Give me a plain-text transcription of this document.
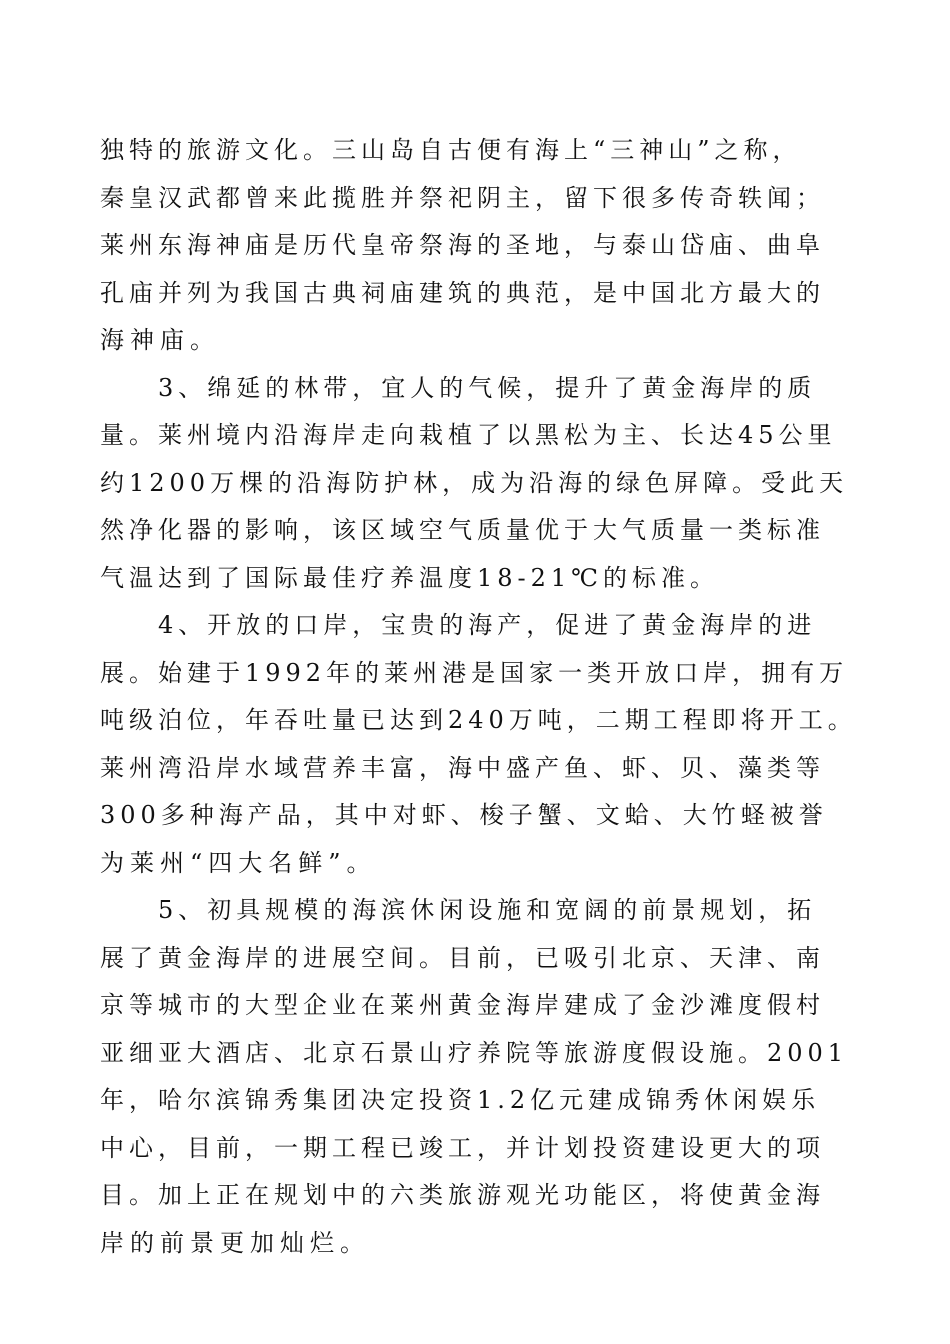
独特的旅游文化。三山岛自古便有海上“三神山”之称，
秦皇汉武都曾来此揽胜并祭祀阴主，留下很多传奇轶闻；
莱州东海神庙是历代皇帝祭海的圣地，与泰山岱庙、曲阜
孔庙并列为我国古典祠庙建筑的典范，是中国北方最大的
海神庙。
3、绵延的林带，宜人的气候，提升了黄金海岸的质
量。莱州境内沿海岸走向栽植了以黑松为主、长达45公里
约1200万棵的沿海防护林，成为沿海的绿色屏障。受此天
然净化器的影响，该区域空气质量优于大气质量一类标准
气温达到了国际最佳疗养温度18-21℃的标准。
4、开放的口岸，宝贵的海产，促进了黄金海岸的进
展。始建于1992年的莱州港是国家一类开放口岸，拥有万
吨级泊位，年吞吐量已达到240万吨，二期工程即将开工。
莱州湾沿岸水域营养丰富，海中盛产鱼、虾、贝、藻类等
300多种海产品，其中对虾、梭子蟹、文蛤、大竹蛏被誉
为莱州“四大名鲜”。
5、初具规模的海滨休闲设施和宽阔的前景规划，拓
展了黄金海岸的进展空间。目前，已吸引北京、天津、南
京等城市的大型企业在莱州黄金海岸建成了金沙滩度假村
亚细亚大酒店、北京石景山疗养院等旅游度假设施。2001
年，哈尔滨锦秀集团决定投资1.2亿元建成锦秀休闲娱乐
中心，目前，一期工程已竣工，并计划投资建设更大的项
目。加上正在规划中的六类旅游观光功能区，将使黄金海
岸的前景更加灿烂。
